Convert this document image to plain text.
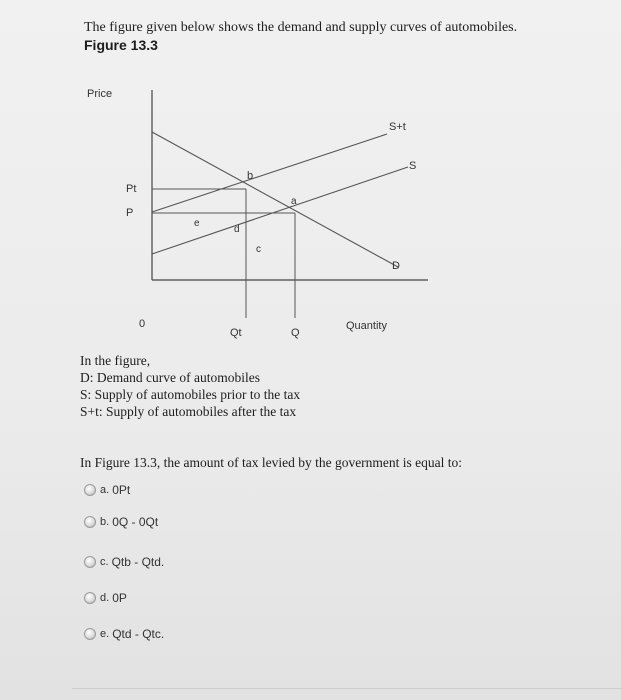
The figure given below shows the demand and supply curves of automobiles.
Figure 13.3
Price
Pt
P
0
Qt	Q
Quantity
S+t
S
D
b
a
e
d
c
In the figure,
D: Demand curve of automobiles
S: Supply of automobiles prior to the tax
S+t: Supply of automobiles after the tax
In Figure 13.3, the amount of tax levied by the government is equal to:
a. 0Pt
b. 0Q - 0Qt
c. Qtb - Qtd.
d. 0P
e. Qtd - Qtc.
